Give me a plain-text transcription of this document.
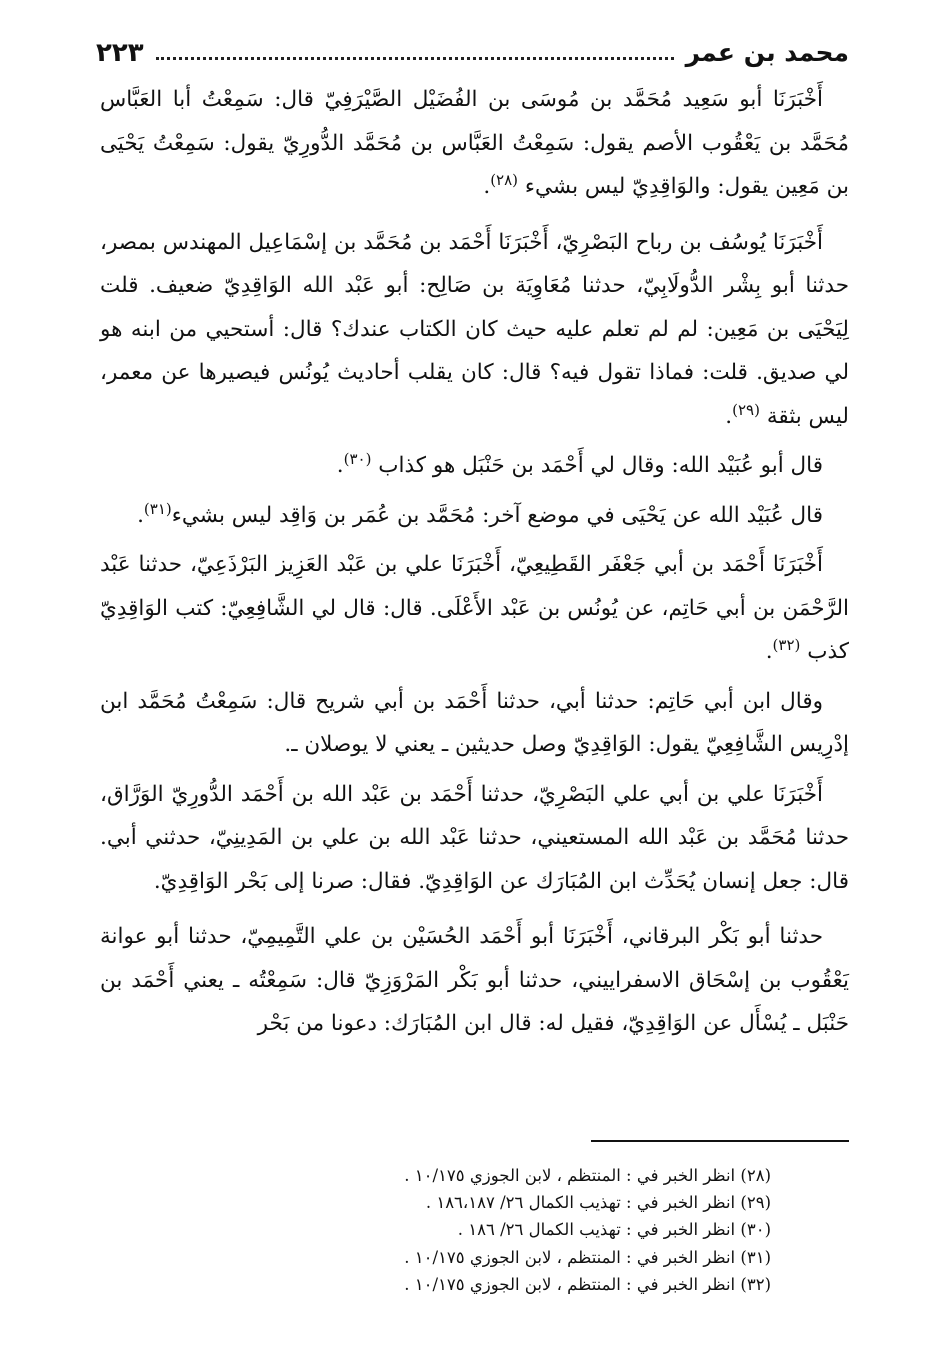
محمد بن عمر
٢٢٣

أَخْبَرَنَا أبو سَعِيد مُحَمَّد بن مُوسَى بن الفُضَيْل الصَّيْرَفِيّ قال: سَمِعْتُ أبا العَبَّاس مُحَمَّد بن يَعْقُوب الأصم يقول: سَمِعْتُ العَبَّاس بن مُحَمَّد الدُّورِيّ يقول: سَمِعْتُ يَحْيَى بن مَعِين يقول: والوَاقِدِيّ ليس بشيء $^{(٢٨)}$.

أَخْبَرَنَا يُوسُف بن رباح البَصْرِيّ، أَخْبَرَنَا أَحْمَد بن مُحَمَّد بن إسْمَاعِيل المهندس بمصر، حدثنا أبو بِشْر الدُّولَابِيّ، حدثنا مُعَاوِيَة بن صَالِح: أبو عَبْد الله الوَاقِدِيّ ضعيف. قلت لِيَحْيَى بن مَعِين: لم لم تعلم عليه حيث كان الكتاب عندك؟ قال: أستحيي من ابنه هو لي صديق. قلت: فماذا تقول فيه؟ قال: كان يقلب أحاديث يُونُس فيصيرها عن معمر، ليس بثقة $^{(٢٩)}$.

قال أبو عُبَيْد الله: وقال لي أَحْمَد بن حَنْبَل هو كذاب $^{(٣٠)}$.

قال عُبَيْد الله عن يَحْيَى في موضع آخر: مُحَمَّد بن عُمَر بن وَاقِد ليس بشيء$^{(٣١)}$.

أَخْبَرَنَا أَحْمَد بن أبي جَعْفَر القَطِيعِيّ، أَخْبَرَنَا علي بن عَبْد العَزِيز البَرْذَعِيّ، حدثنا عَبْد الرَّحْمَن بن أبي حَاتِم، عن يُونُس بن عَبْد الأَعْلَى. قال: قال لي الشَّافِعِيّ: كتب الوَاقِدِيّ كذب $^{(٣٢)}$.

وقال ابن أبي حَاتِم: حدثنا أبي، حدثنا أَحْمَد بن أبي شريح قال: سَمِعْتُ مُحَمَّد ابن إدْرِيس الشَّافِعِيّ يقول: الوَاقِدِيّ وصل حديثين ـ يعني لا يوصلان ـ.

أَخْبَرَنَا علي بن أبي علي البَصْرِيّ، حدثنا أَحْمَد بن عَبْد الله بن أَحْمَد الدُّورِيّ الوَرَّاق، حدثنا مُحَمَّد بن عَبْد الله المستعيني، حدثنا عَبْد الله بن علي بن المَدِينِيّ، حدثني أبي. قال: جعل إنسان يُحَدِّث ابن المُبَارَك عن الوَاقِدِيّ. فقال: صرنا إلى بَحْر الوَاقِدِيّ.

حدثنا أبو بَكْر البرقاني، أَخْبَرَنَا أبو أَحْمَد الحُسَيْن بن علي التَّمِيمِيّ، حدثنا أبو عوانة يَعْقُوب بن إسْحَاق الاسفراييني، حدثنا أبو بَكْر المَرْوَزِيّ قال: سَمِعْتُه ـ يعني أَحْمَد بن حَنْبَل ـ يُسْأَل عن الوَاقِدِيّ، فقيل له: قال ابن المُبَارَك: دعونا من بَحْر

(٢٨) انظر الخبر في : المنتظم ، لابن الجوزي ١٠/١٧٥ .
(٢٩) انظر الخبر في : تهذيب الكمال ٢٦/ ١٨٦،١٨٧ .
(٣٠) انظر الخبر في : تهذيب الكمال ٢٦/ ١٨٦ .
(٣١) انظر الخبر في : المنتظم ، لابن الجوزي ١٠/١٧٥ .
(٣٢) انظر الخبر في : المنتظم ، لابن الجوزي ١٠/١٧٥ .
